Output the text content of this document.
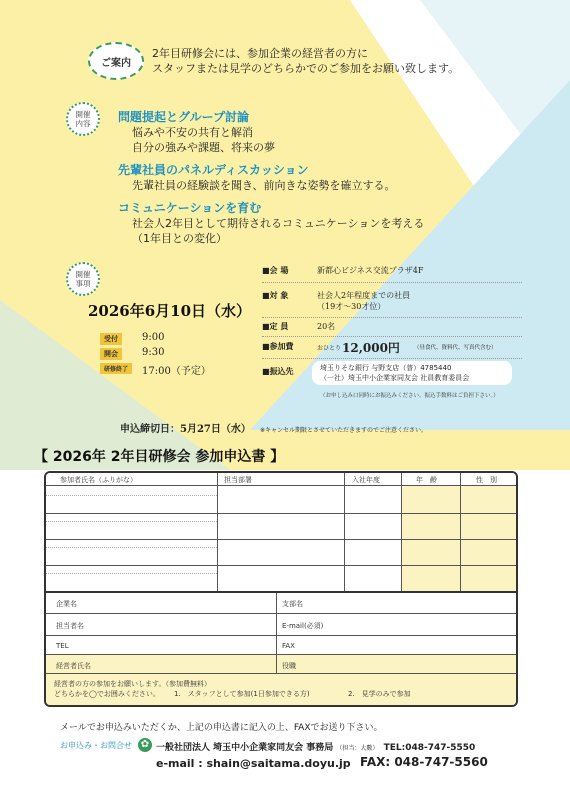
ご案内
2年目研修会には、参加企業の経営者の方に
スタッフまたは見学のどちらかでのご参加をお願い致します。
開催
内容 問題提起とグループ討論
悩みや不安の共有と解消
自分の強みや課題、将来の夢
先輩社員のパネルディスカッション
先輩社員の経験談を聞き、前向きな姿勢を確立する。
コミュニケーションを育む
社会人2年目として期待されるコミュニケーションを考える
（1年目との変化）
開催
事項
2026年6月10日（水）
受付	9:00
開会	9:30
研修終了	17:00（予定）
■会 場	新都心ビジネス交流プラザ4F
■対 象	社会人2年程度までの社員
（19才〜30才位）
■定 員	20名
■参加費	おひとり 12,000円	（昼食代、資料代、写真代含む）
■振込先	埼玉りそな銀行 与野支店（普）4785440
（一社）埼玉中小企業家同友会 社員教育委員会
（お申し込み口同時にお振込みください。振込手数料はご負担下さい。）
申込締切日：5月27日（水） ※キャンセル期限とさせていただきますのでご注意ください。
【 2026年 2年目研修会 参加申込書 】
参加者氏名（ふりがな）	担当部署	入社年度	年　齢	性　別
企業名	支部名
担当者名	E-mail(必須)
TEL	FAX
経営者氏名	役職
経営者の方の参加をお願いします。（参加費無料）
どちらかを◯でお囲みください。 1.　スタッフとして参加(1日参加できる方)	2.　見学のみで参加
メールでお申込みいただくか、上記の申込書に記入の上、FAXでお送り下さい。
お申込み・お問合せ ✿ 一般社団法人 埼玉中小企業家同友会 事務局 （担当：大數） TEL:048-747-5550
e-mail : shain@saitama.doyu.jp FAX: 048-747-5560
